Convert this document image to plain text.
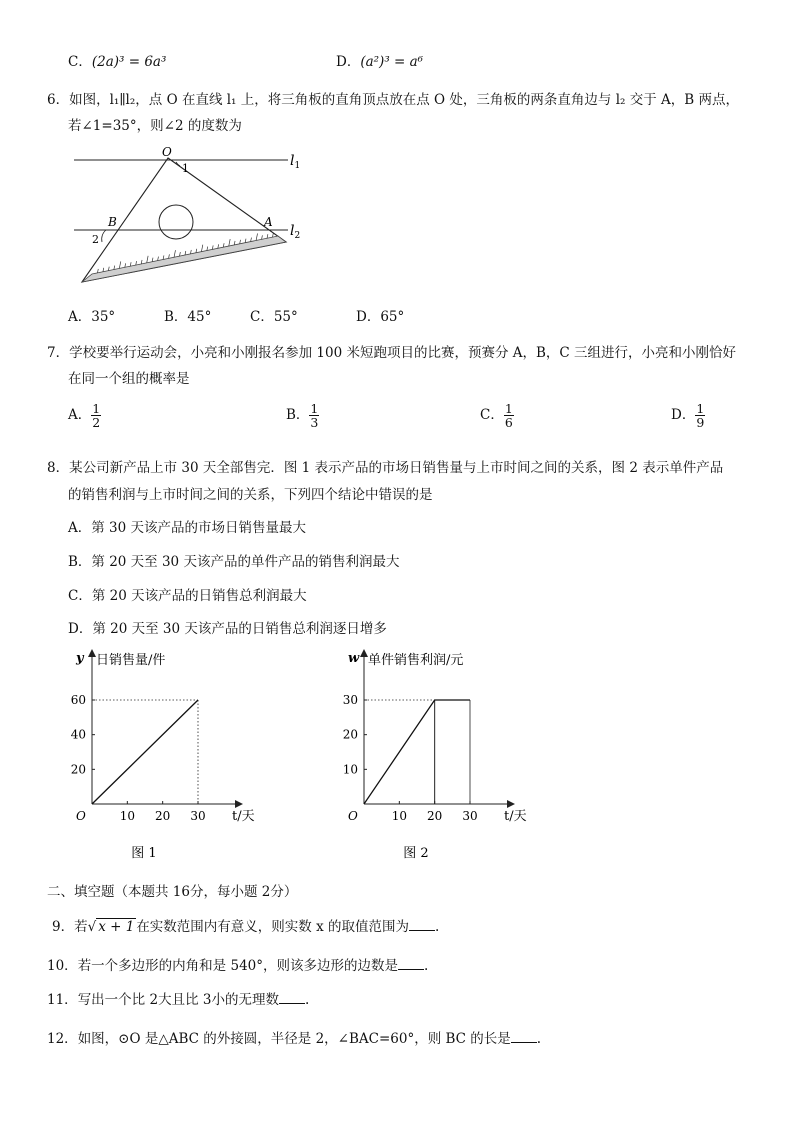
C．(2a)³ = 6a³	D．(a²)³ = a⁶
6．如图，l₁∥l₂，点 O 在直线 l₁ 上，将三角板的直角顶点放在点 O 处，三角板的两条直角边与 l₂ 交于 A，B 两点，
若∠1=35°，则∠2 的度数为
O
1
B	A
2
$l_1$
$l_2$
A．35°	B．45°	C．55°	D．65°
7．学校要举行运动会，小亮和小刚报名参加 100 米短跑项目的比赛，预赛分 A，B，C 三组进行，小亮和小刚恰好
在同一个组的概率是
A． $\frac{1}{2}$	B． $\frac{1}{3}$	C． $\frac{1}{6}$	D． $\frac{1}{9}$
8．某公司新产品上市 30 天全部售完．图 1 表示产品的市场日销售量与上市时间之间的关系，图 2 表示单件产品
的销售利润与上市时间之间的关系，下列四个结论中错误的是
A．第 30 天该产品的市场日销售量最大
B．第 20 天至 30 天该产品的单件产品的销售利润最大
C．第 20 天该产品的日销售总利润最大
D．第 20 天至 30 天该产品的日销售总利润逐日增多
10 20 30
20
40
60
O
y 日销售量/件
t/天
图 1
10 20 30
10
20
30
O
w 单件销售利润/元
t/天
图 2
二、填空题（本题共 16分，每小题 2分）
9．若√ x + 1 在实数范围内有意义，则实数 x 的取值范围为 .
10．若一个多边形的内角和是 540°，则该多边形的边数是 .
11．写出一个比 2大且比 3小的无理数 .
12．如图，⊙O 是△ABC 的外接圆，半径是 2，∠BAC=60°，则 BC 的长是 .
